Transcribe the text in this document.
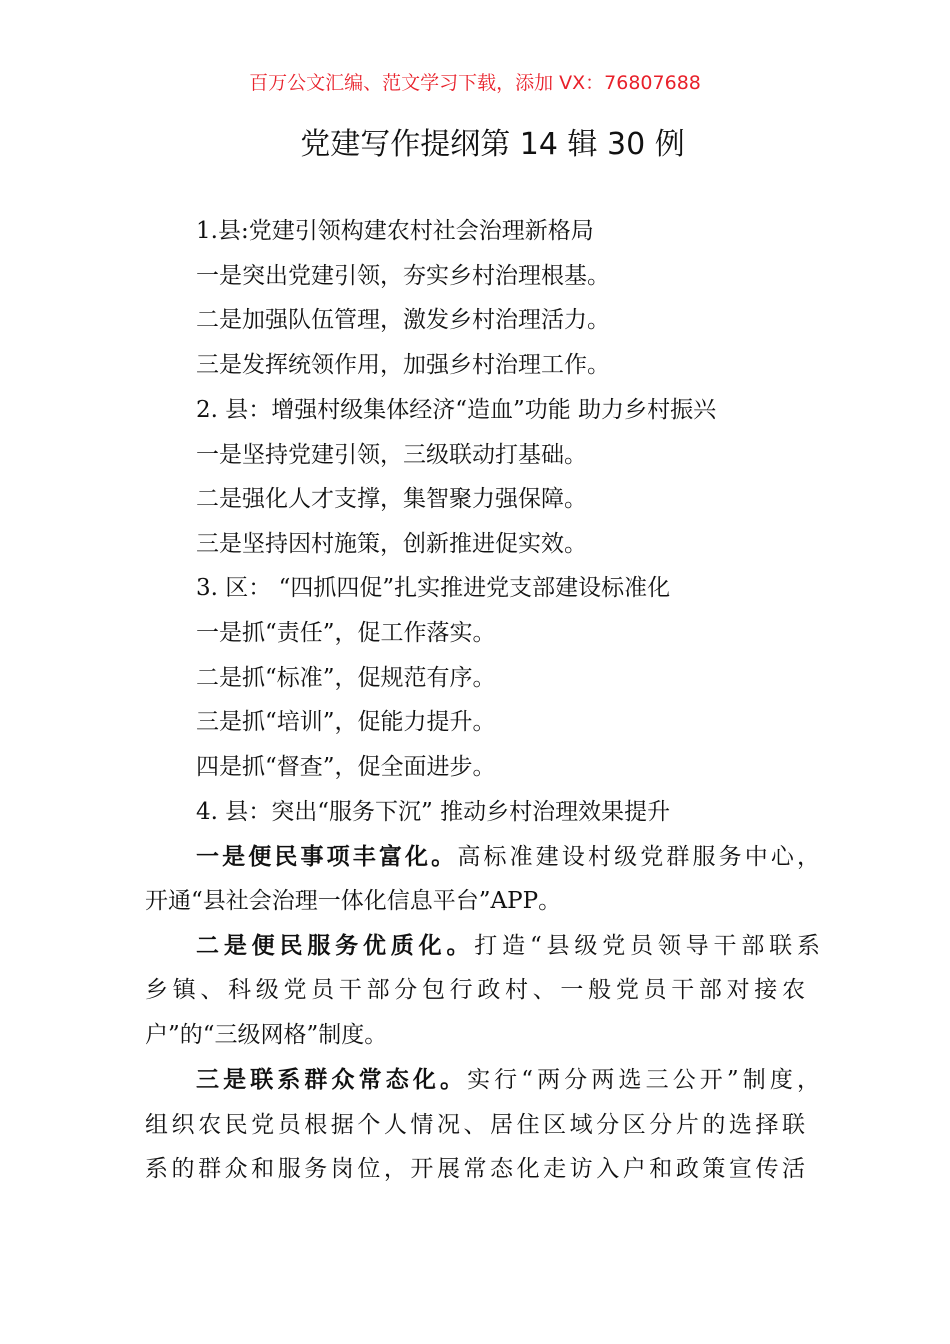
百万公文汇编、范文学习下载，添加 VX：76807688
党建写作提纲第 14 辑 30 例
1.县:党建引领构建农村社会治理新格局
一是突出党建引领，夯实乡村治理根基。
二是加强队伍管理，激发乡村治理活力。
三是发挥统领作用，加强乡村治理工作。
2. 县：增强村级集体经济“造血”功能 助力乡村振兴
一是坚持党建引领，三级联动打基础。
二是强化人才支撑，集智聚力强保障。
三是坚持因村施策，创新推进促实效。
3. 区： “四抓四促”扎实推进党支部建设标准化
一是抓“责任”，促工作落实。
二是抓“标准”，促规范有序。
三是抓“培训”，促能力提升。
四是抓“督查”，促全面进步。
4. 县：突出“服务下沉” 推动乡村治理效果提升
一是便民事项丰富化。高标准建设村级党群服务中心，
开通“县社会治理一体化信息平台”APP。
二是便民服务优质化。打造“县级党员领导干部联系
乡镇、科级党员干部分包行政村、一般党员干部对接农
户”的“三级网格”制度。
三是联系群众常态化。实行“两分两选三公开”制度，
组织农民党员根据个人情况、居住区域分区分片的选择联
系的群众和服务岗位，开展常态化走访入户和政策宣传活
